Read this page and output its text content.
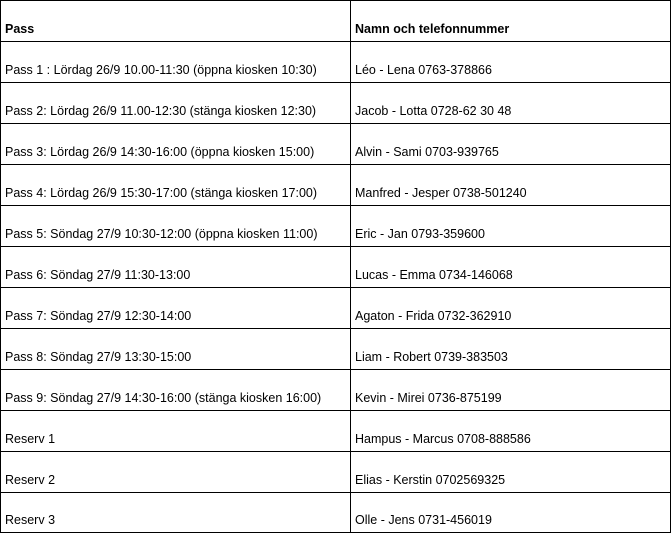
Pass	Namn och telefonnummer
Pass 1 : Lördag 26/9 10.00-11:30 (öppna kiosken 10:30)	Léo - Lena 0763-378866
Pass 2: Lördag 26/9 11.00-12:30 (stänga kiosken 12:30)	Jacob - Lotta 0728-62 30 48
Pass 3: Lördag 26/9 14:30-16:00 (öppna kiosken 15:00)	Alvin - Sami 0703-939765
Pass 4: Lördag 26/9 15:30-17:00 (stänga kiosken 17:00)	Manfred - Jesper 0738-501240
Pass 5: Söndag 27/9 10:30-12:00 (öppna kiosken 11:00)	Eric - Jan 0793-359600
Pass 6: Söndag 27/9 11:30-13:00	Lucas - Emma 0734-146068
Pass 7: Söndag 27/9 12:30-14:00	Agaton - Frida 0732-362910
Pass 8: Söndag 27/9 13:30-15:00	Liam - Robert 0739-383503
Pass 9: Söndag 27/9 14:30-16:00 (stänga kiosken 16:00)	Kevin - Mirei 0736-875199
Reserv 1	Hampus - Marcus 0708-888586
Reserv 2	Elias - Kerstin 0702569325
Reserv 3	Olle - Jens 0731-456019
